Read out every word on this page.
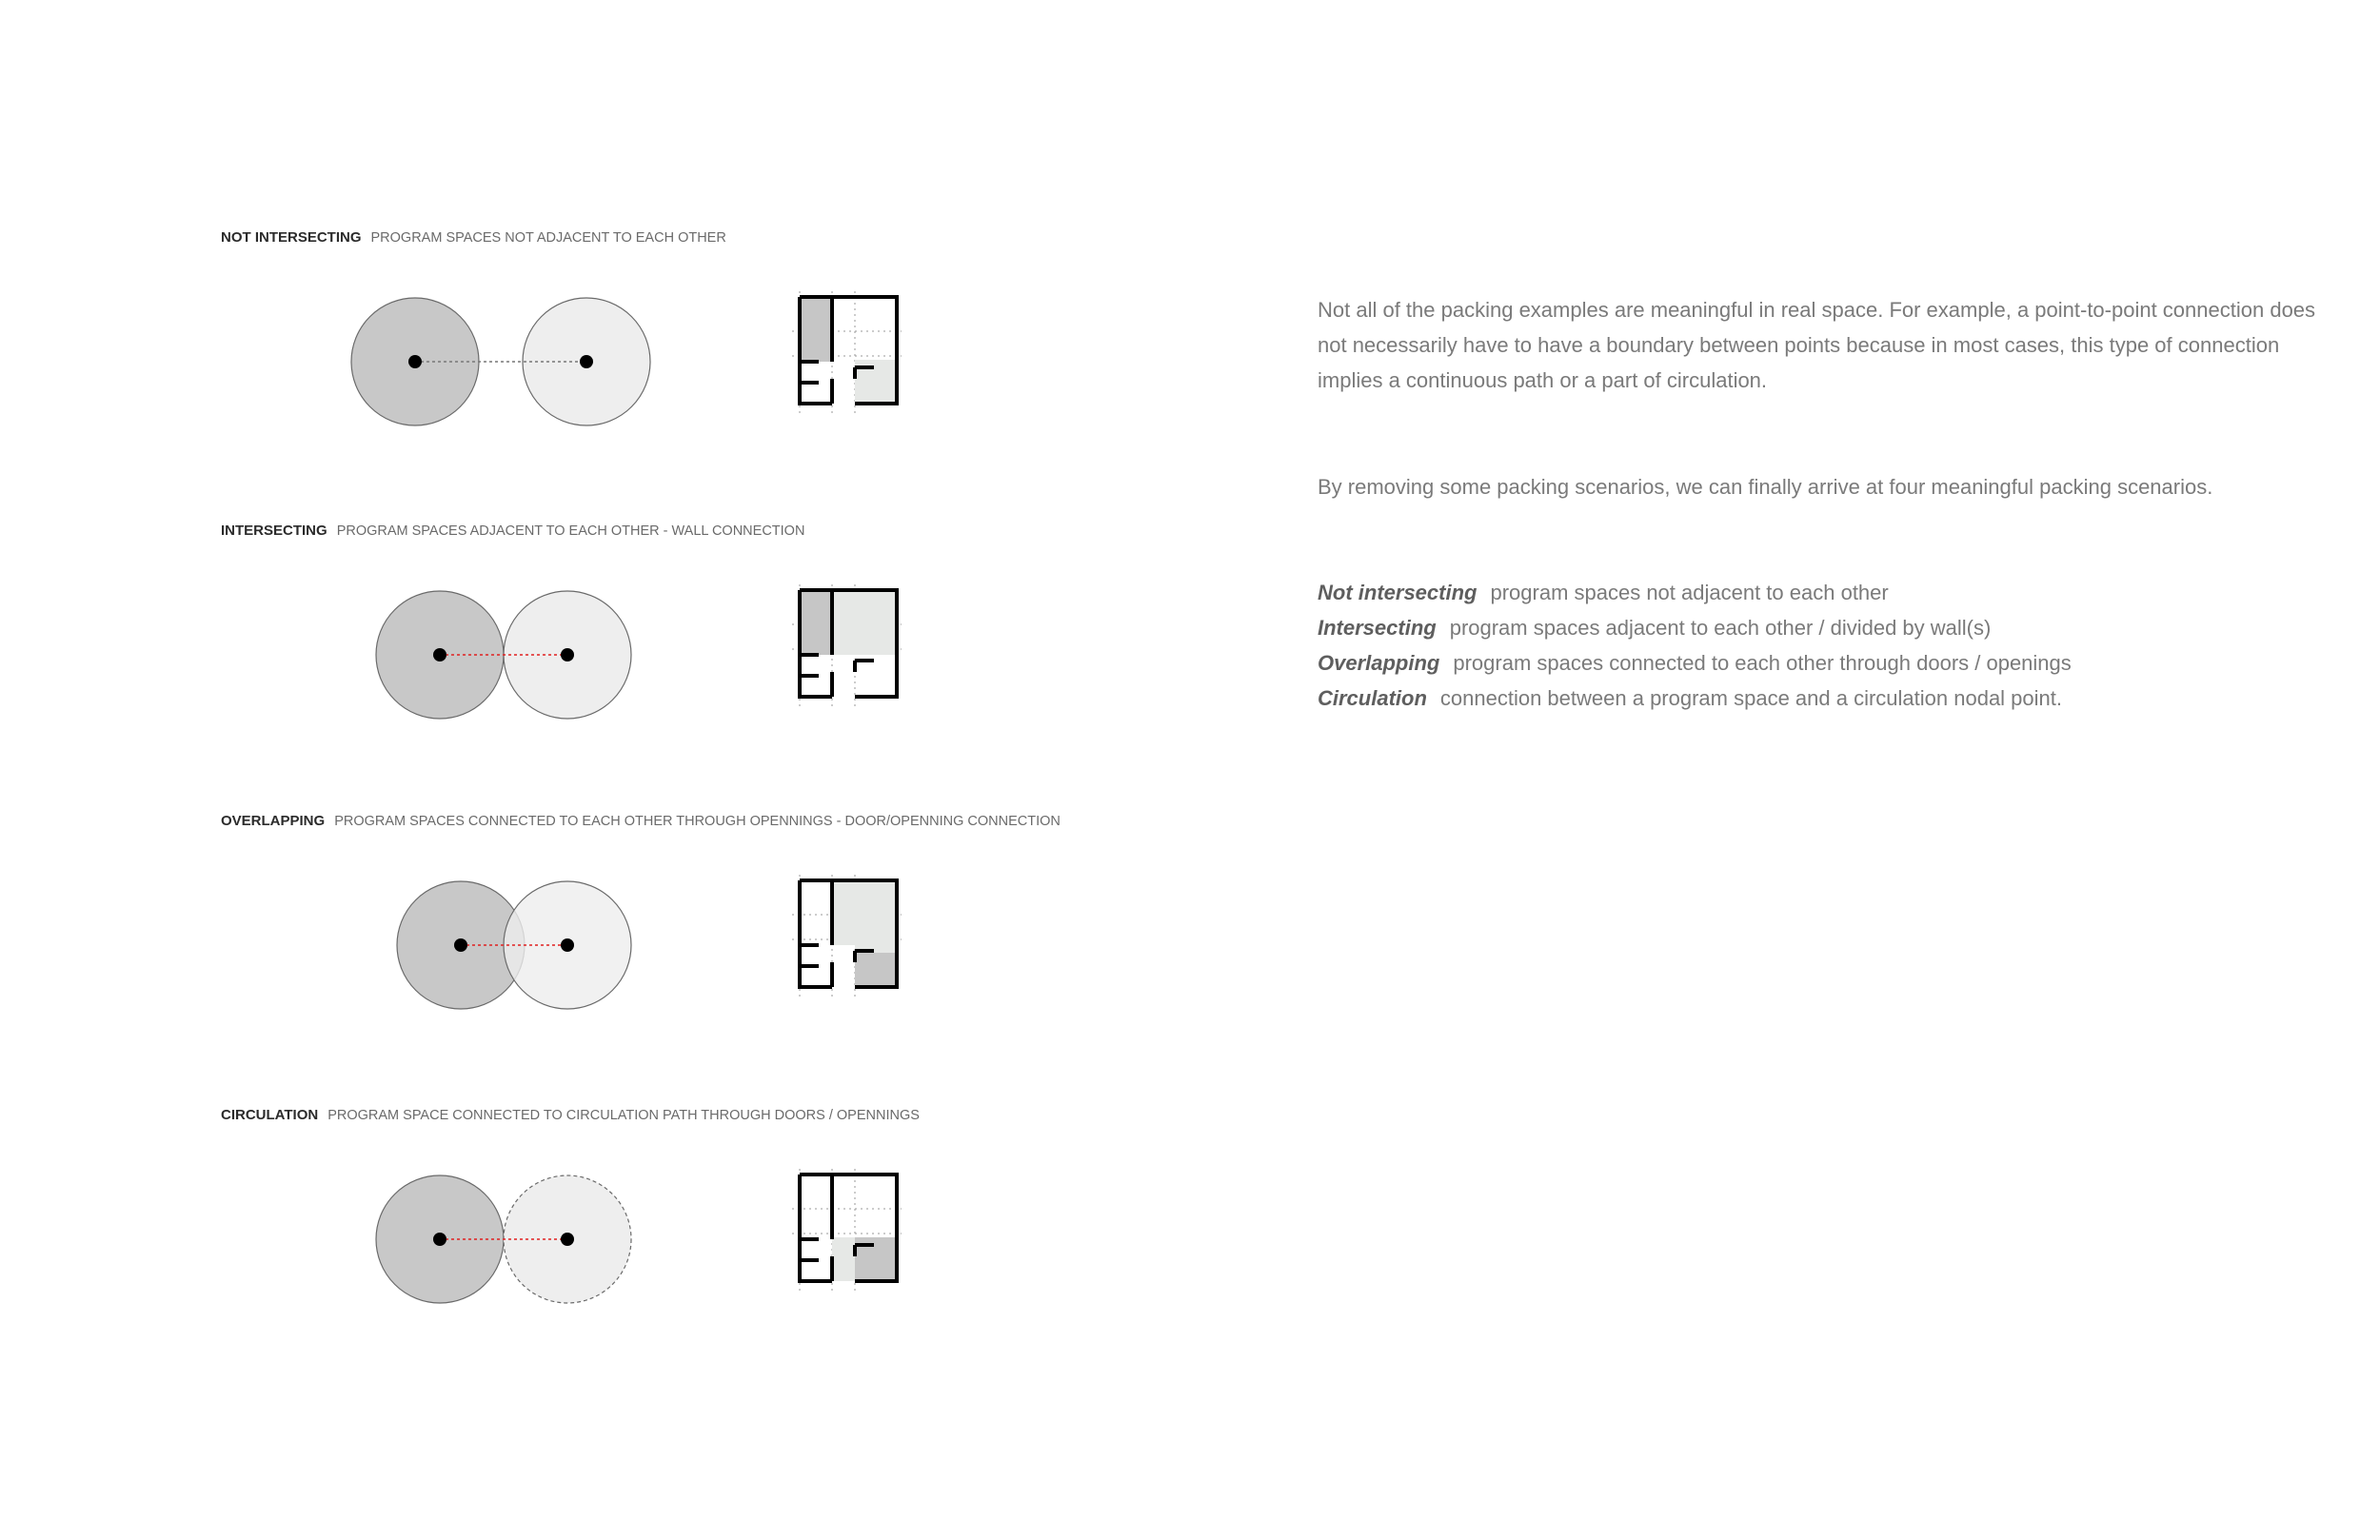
NOT INTERSECTING PROGRAM SPACES NOT ADJACENT TO EACH OTHER
INTERSECTING PROGRAM SPACES ADJACENT TO EACH OTHER - WALL CONNECTION
OVERLAPPING PROGRAM SPACES CONNECTED TO EACH OTHER THROUGH OPENNINGS - DOOR/OPENNING CONNECTION
CIRCULATION PROGRAM SPACE CONNECTED TO CIRCULATION PATH THROUGH DOORS / OPENNINGS
Not all of the packing examples are meaningful in real space. For example, a point-to-point connection does not necessarily have to have a boundary between points because in most cases, this type of connection implies a continuous path or a part of circulation.
By removing some packing scenarios, we can finally arrive at four meaningful packing scenarios.
Not intersecting program spaces not adjacent to each other
Intersecting program spaces adjacent to each other / divided by wall(s)
Overlapping program spaces connected to each other through doors / openings
Circulation connection between a program space and a circulation nodal point.
